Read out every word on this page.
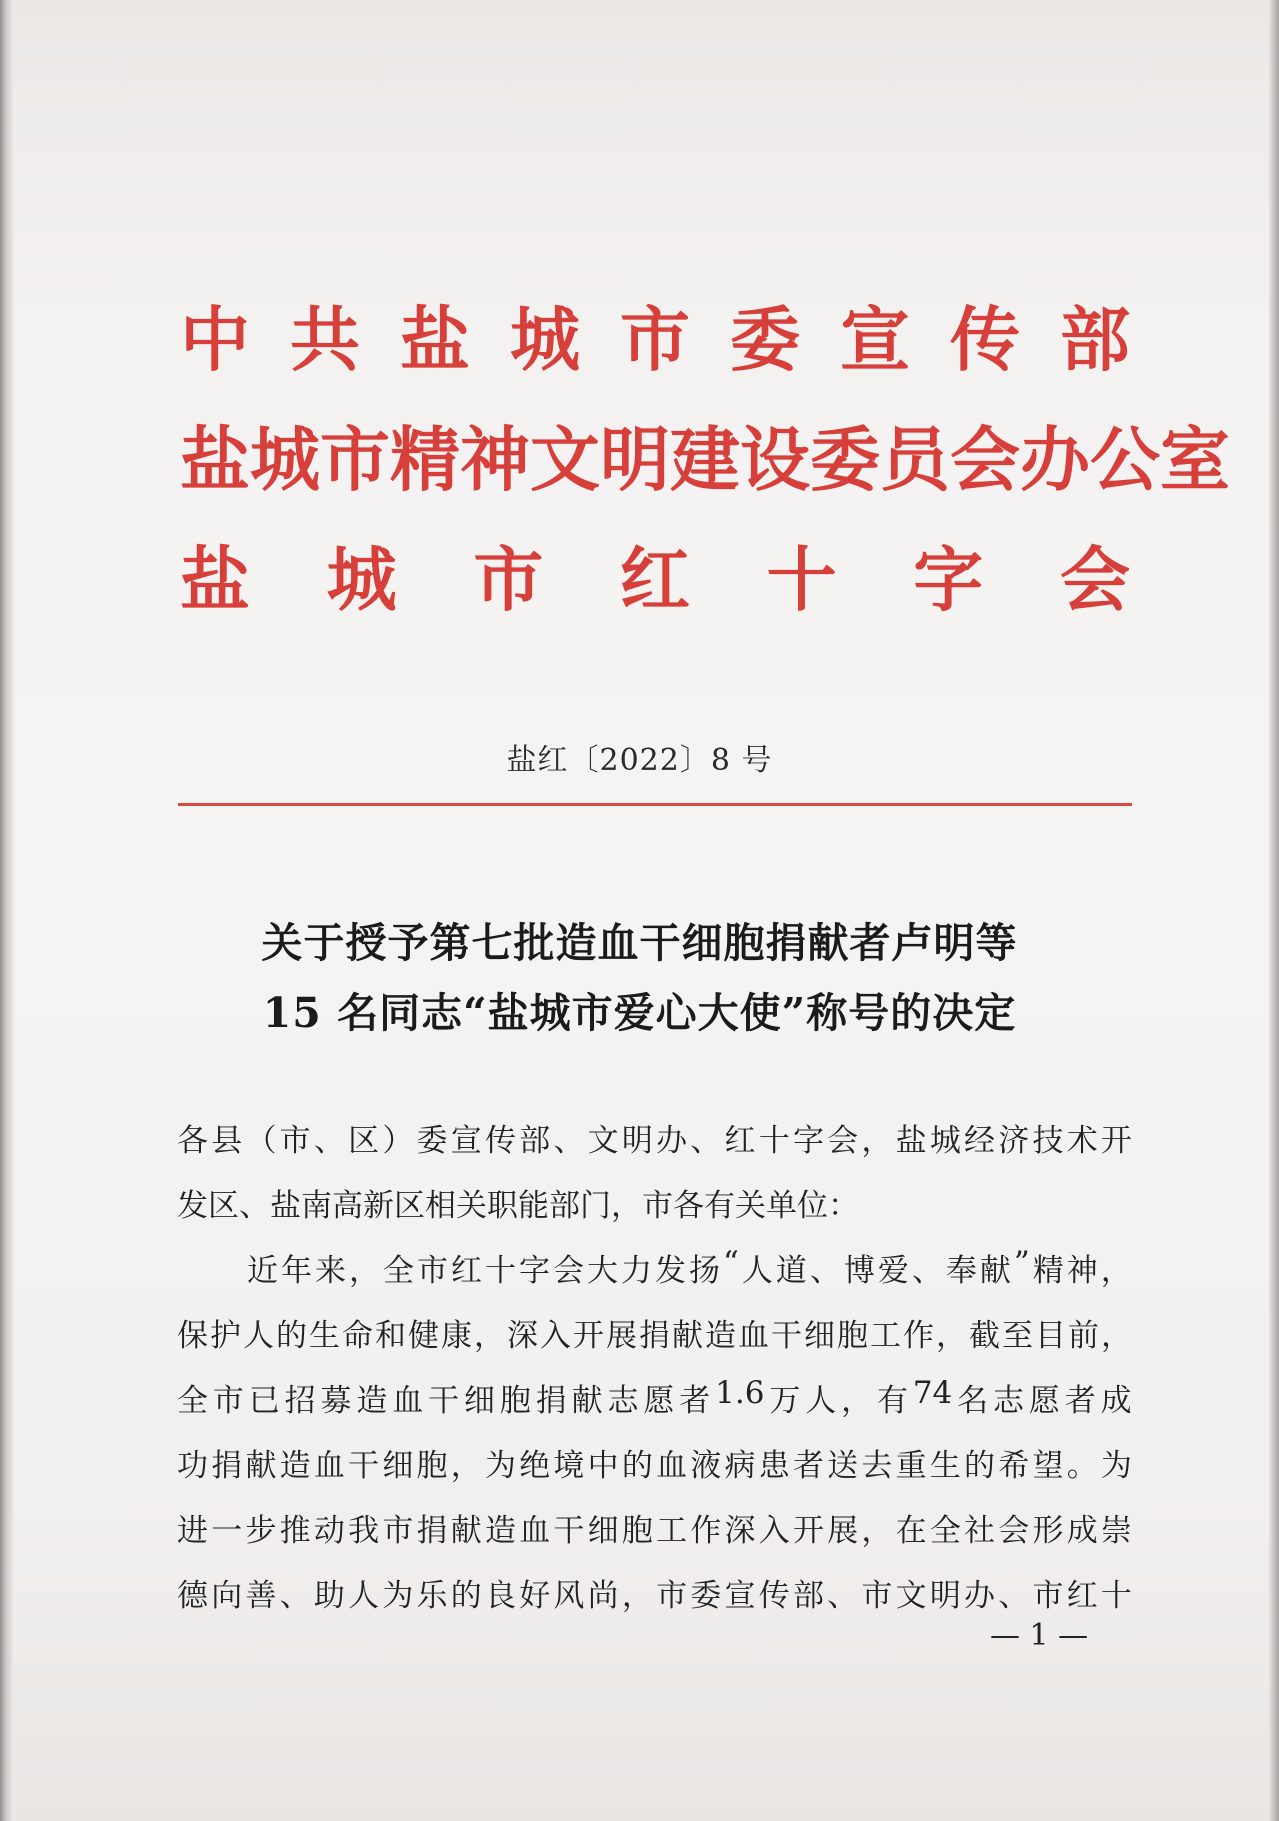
中 共 盐 城 市 委 宣 传 部
盐 城 市 精 神 文 明 建 设 委 员 会 办 公 室
盐 城 市 红 十 字 会
盐红〔2022〕8 号
关于授予第七批造血干细胞捐献者卢明等
15 名同志“盐城市爱心大使”称号的决定
各 县 （ 市 、 区 ） 委 宣 传 部 、 文 明 办 、 红 十 字 会 ， 盐 城 经 济 技 术 开
发区、盐南高新区相关职能部门，市各有关单位：
近 年 来 ， 全 市 红 十 字 会 大 力 发 扬 “ 人 道 、 博 爱 、 奉 献 ” 精 神 ，
保 护 人 的 生 命 和 健 康 ， 深 入 开 展 捐 献 造 血 干 细 胞 工 作 ， 截 至 目 前 ，
全 市 已 招 募 造 血 干 细 胞 捐 献 志 愿 者 1.6 万 人 ， 有 74 名 志 愿 者 成
功 捐 献 造 血 干 细 胞 ， 为 绝 境 中 的 血 液 病 患 者 送 去 重 生 的 希 望 。 为
进 一 步 推 动 我 市 捐 献 造 血 干 细 胞 工 作 深 入 开 展 ， 在 全 社 会 形 成 崇
德 向 善 、 助 人 为 乐 的 良 好 风 尚 ， 市 委 宣 传 部 、 市 文 明 办 、 市 红 十
— 1 —
